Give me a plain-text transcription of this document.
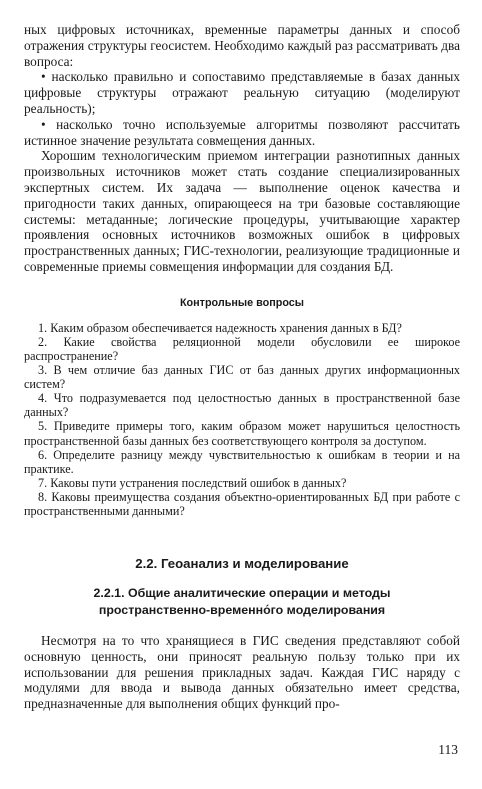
ных цифровых источниках, временные параметры данных и способ отражения структуры геосистем. Необходимо каждый раз рассматривать два вопроса:

• насколько правильно и сопоставимо представляемые в базах данных цифровые структуры отражают реальную ситуацию (моделируют реальность);

• насколько точно используемые алгоритмы позволяют рассчитать истинное значение результата совмещения данных.

Хорошим технологическим приемом интеграции разнотипных данных произвольных источников может стать создание специализированных экспертных систем. Их задача — выполнение оценок качества и пригодности таких данных, опирающееся на три базовые составляющие системы: метаданные; логические процедуры, учитывающие характер проявления основных источников возможных ошибок в цифровых пространственных данных; ГИС-технологии, реализующие традиционные и современные приемы совмещения информации для создания БД.

Контрольные вопросы

1. Каким образом обеспечивается надежность хранения данных в БД?

2. Какие свойства реляционной модели обусловили ее широкое распространение?

3. В чем отличие баз данных ГИС от баз данных других информационных систем?

4. Что подразумевается под целостностью данных в пространственной базе данных?

5. Приведите примеры того, каким образом может нарушиться целостность пространственной базы данных без соответствующего контроля за доступом.

6. Определите разницу между чувствительностью к ошибкам в теории и на практике.

7. Каковы пути устранения последствий ошибок в данных?

8. Каковы преимущества создания объектно-ориентированных БД при работе с пространственными данными?

2.2. Геоанализ и моделирование
2.2.1. Общие аналитические операции и методы
пространственно-временно́го моделирования

Несмотря на то что хранящиеся в ГИС сведения представляют собой основную ценность, они приносят реальную пользу только при их использовании для решения прикладных задач. Каждая ГИС наряду с модулями для ввода и вывода данных обязательно имеет средства, предназначенные для выполнения общих функций про-

113
